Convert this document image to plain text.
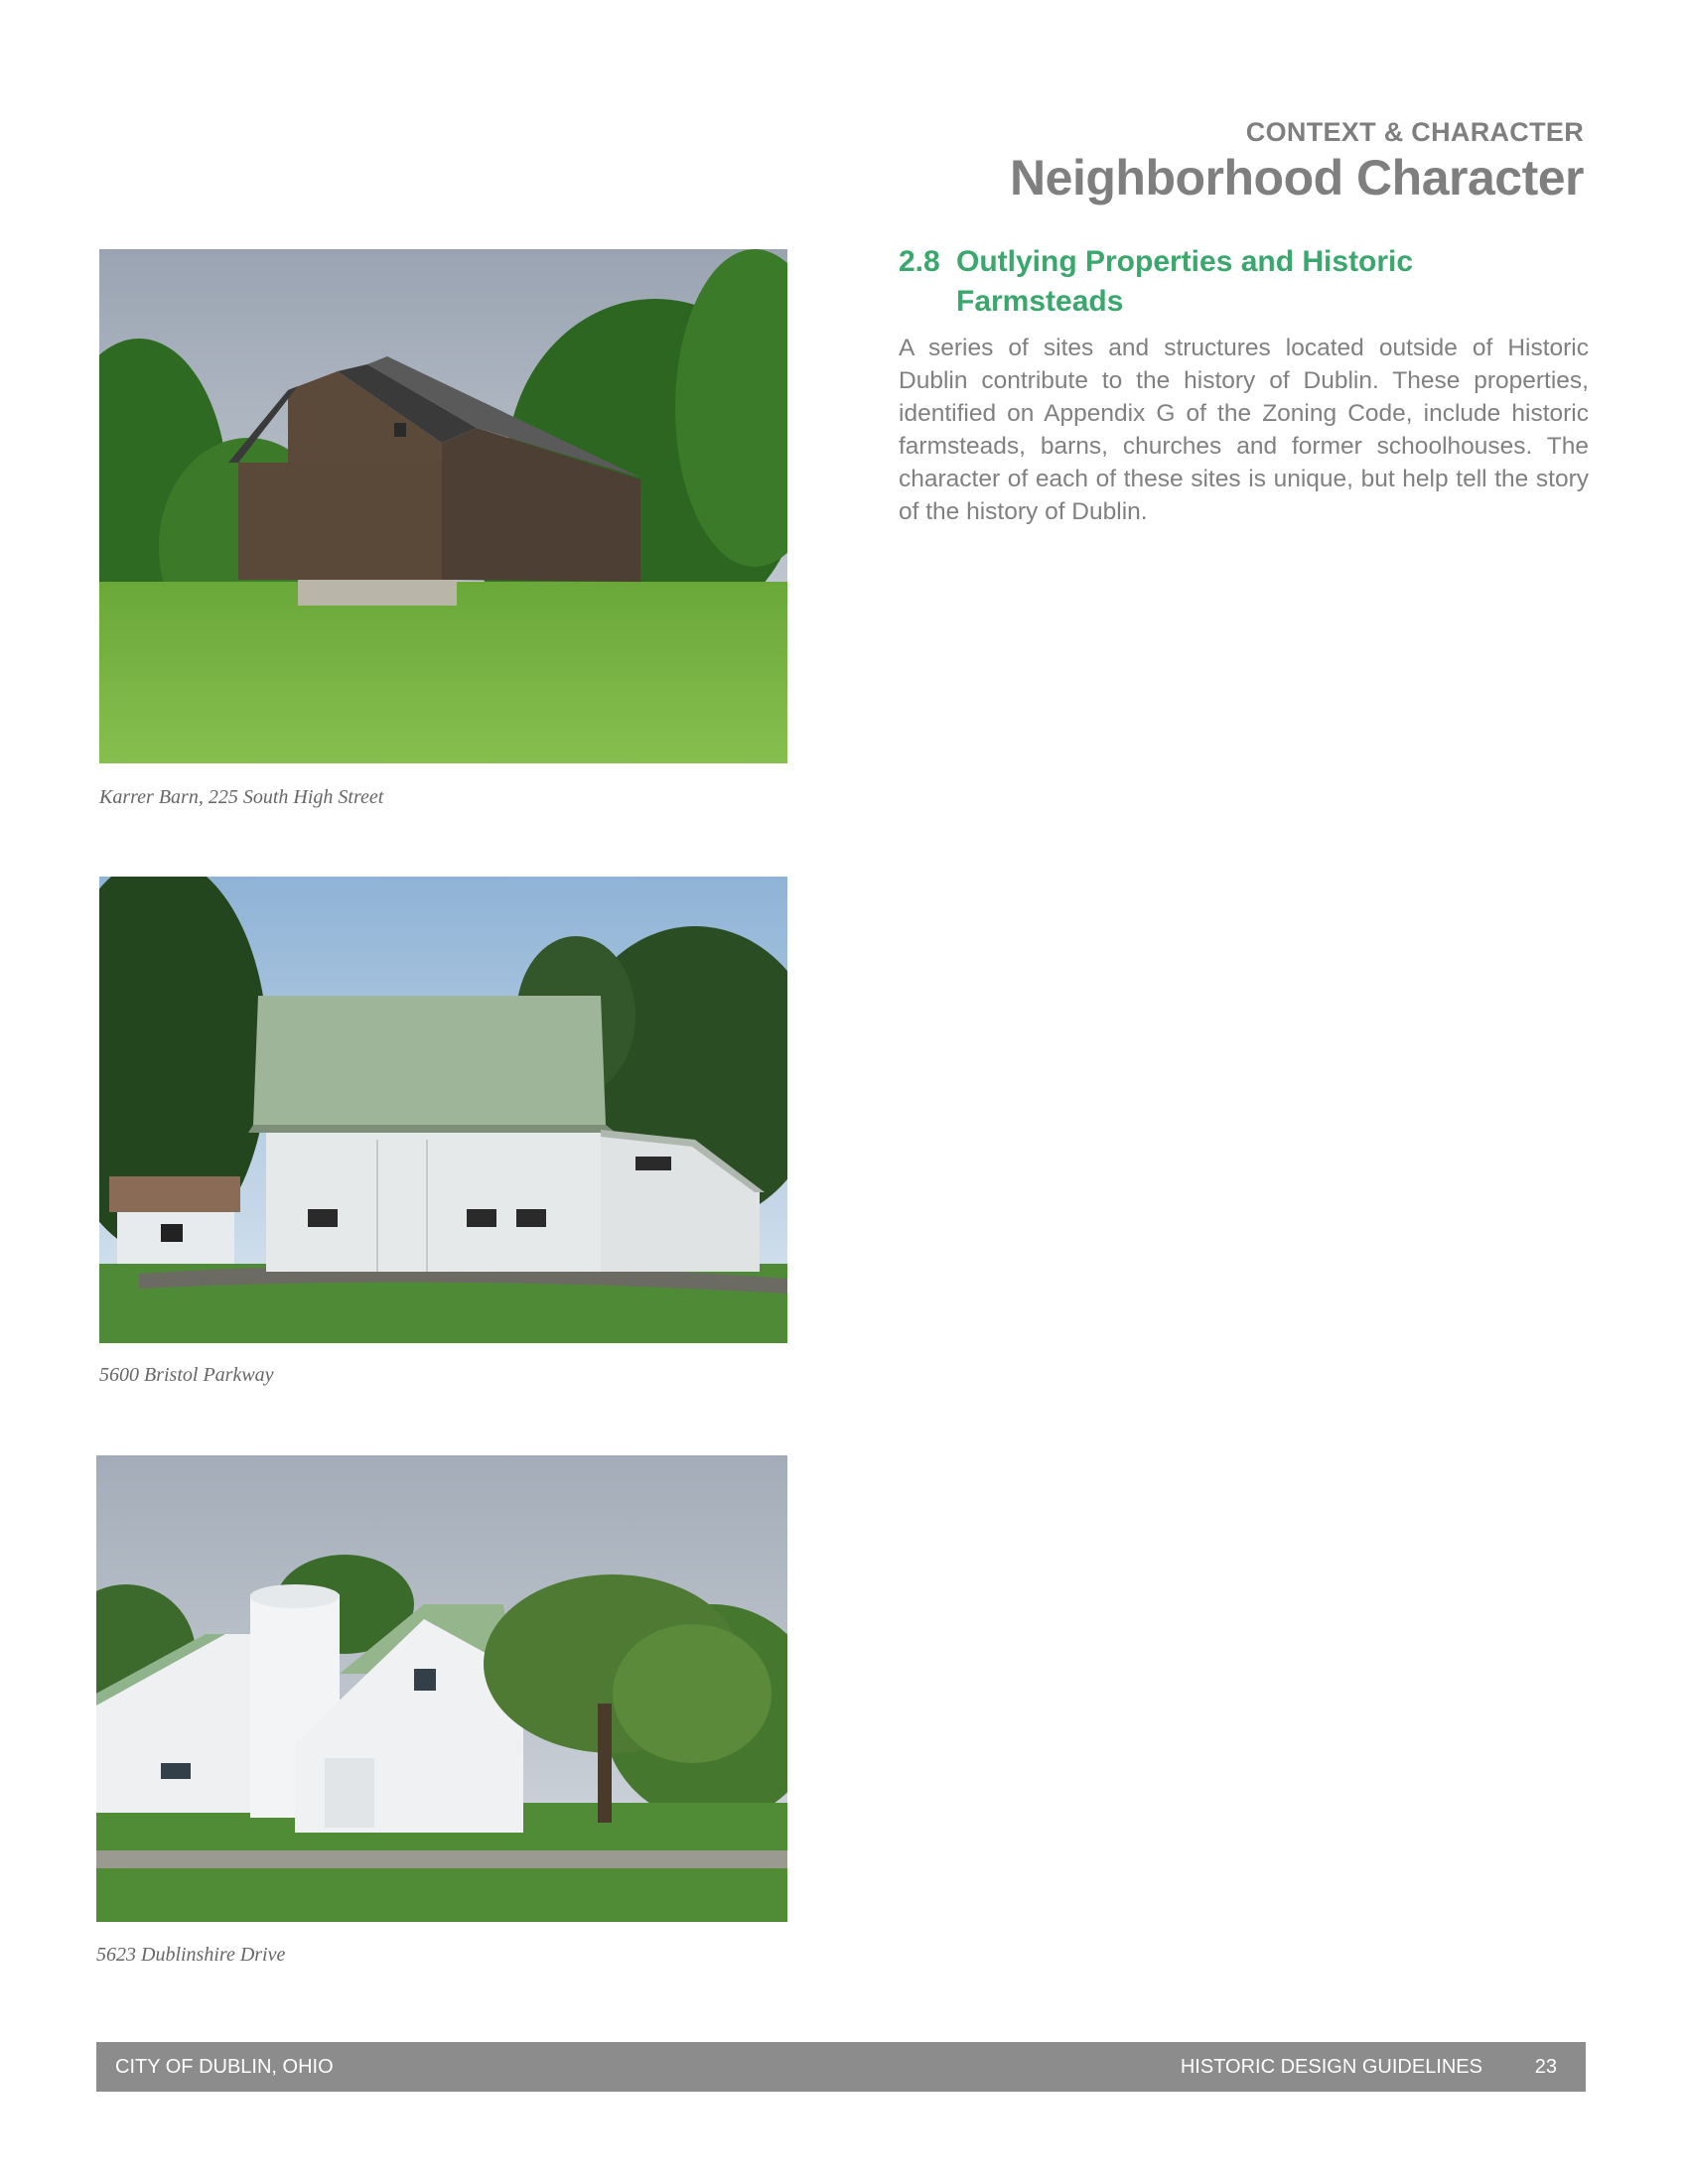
CONTEXT & CHARACTER
Neighborhood Character
Karrer Barn, 225 South High Street
5600 Bristol Parkway
5623 Dublinshire Drive
2.8 Outlying Properties and Historic Farmsteads
A series of sites and structures located outside of Historic Dublin contribute to the history of Dublin. These properties, identified on Appendix G of the Zoning Code, include historic farmsteads, barns, churches and former schoolhouses. The character of each of these sites is unique, but help tell the story of the history of Dublin.
CITY OF DUBLIN, OHIO	HISTORIC DESIGN GUIDELINES	23
